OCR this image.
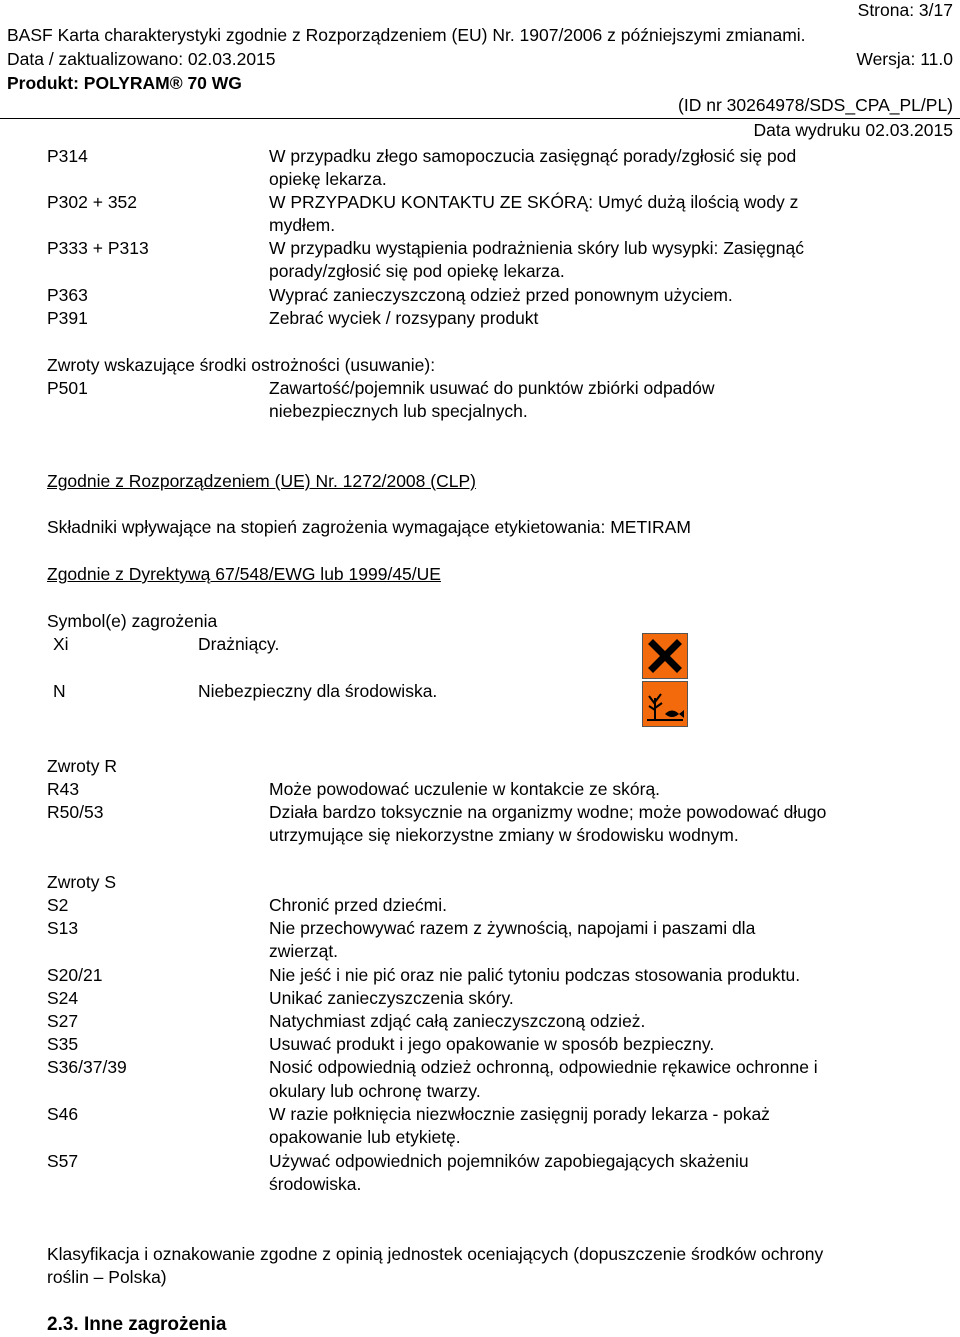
Strona: 3/17
BASF Karta charakterystyki zgodnie z Rozporządzeniem (EU) Nr. 1907/2006 z późniejszymi zmianami.
Data / zaktualizowano: 02.03.2015	Wersja: 11.0
Produkt: POLYRAM® 70 WG
(ID nr 30264978/SDS_CPA_PL/PL)
Data wydruku 02.03.2015
P314	W przypadku złego samopoczucia zasięgnąć porady/zgłosić się pod
opiekę lekarza.
P302 + 352	W PRZYPADKU KONTAKTU ZE SKÓRĄ: Umyć dużą ilością wody z
mydłem.
P333 + P313	W przypadku wystąpienia podrażnienia skóry lub wysypki: Zasięgnąć
porady/zgłosić się pod opiekę lekarza.
P363	Wyprać zanieczyszczoną odzież przed ponownym użyciem.
P391	Zebrać wyciek / rozsypany produkt
Zwroty wskazujące środki ostrożności (usuwanie):
P501	Zawartość/pojemnik usuwać do punktów zbiórki odpadów
niebezpiecznych lub specjalnych.
Zgodnie z Rozporządzeniem (UE) Nr. 1272/2008 (CLP)
Składniki wpływające na stopień zagrożenia wymagające etykietowania: METIRAM
Zgodnie z Dyrektywą 67/548/EWG lub 1999/45/UE
Symbol(e) zagrożenia
Xi	Drażniący.
N	Niebezpieczny dla środowiska.
Zwroty R
R43	Może powodować uczulenie w kontakcie ze skórą.
R50/53	Działa bardzo toksycznie na organizmy wodne; może powodować długo
utrzymujące się niekorzystne zmiany w środowisku wodnym.
Zwroty S
S2	Chronić przed dziećmi.
S13	Nie przechowywać razem z żywnością, napojami i paszami dla
zwierząt.
S20/21	Nie jeść i nie pić oraz nie palić tytoniu podczas stosowania produktu.
S24	Unikać zanieczyszczenia skóry.
S27	Natychmiast zdjąć całą zanieczyszczoną odzież.
S35	Usuwać produkt i jego opakowanie w sposób bezpieczny.
S36/37/39	Nosić odpowiednią odzież ochronną, odpowiednie rękawice ochronne i
okulary lub ochronę twarzy.
S46	W razie połknięcia niezwłocznie zasięgnij porady lekarza - pokaż
opakowanie lub etykietę.
S57	Używać odpowiednich pojemników zapobiegających skażeniu
środowiska.
Klasyfikacja i oznakowanie zgodne z opinią jednostek oceniających (dopuszczenie środków ochrony
roślin – Polska)
2.3. Inne zagrożenia
